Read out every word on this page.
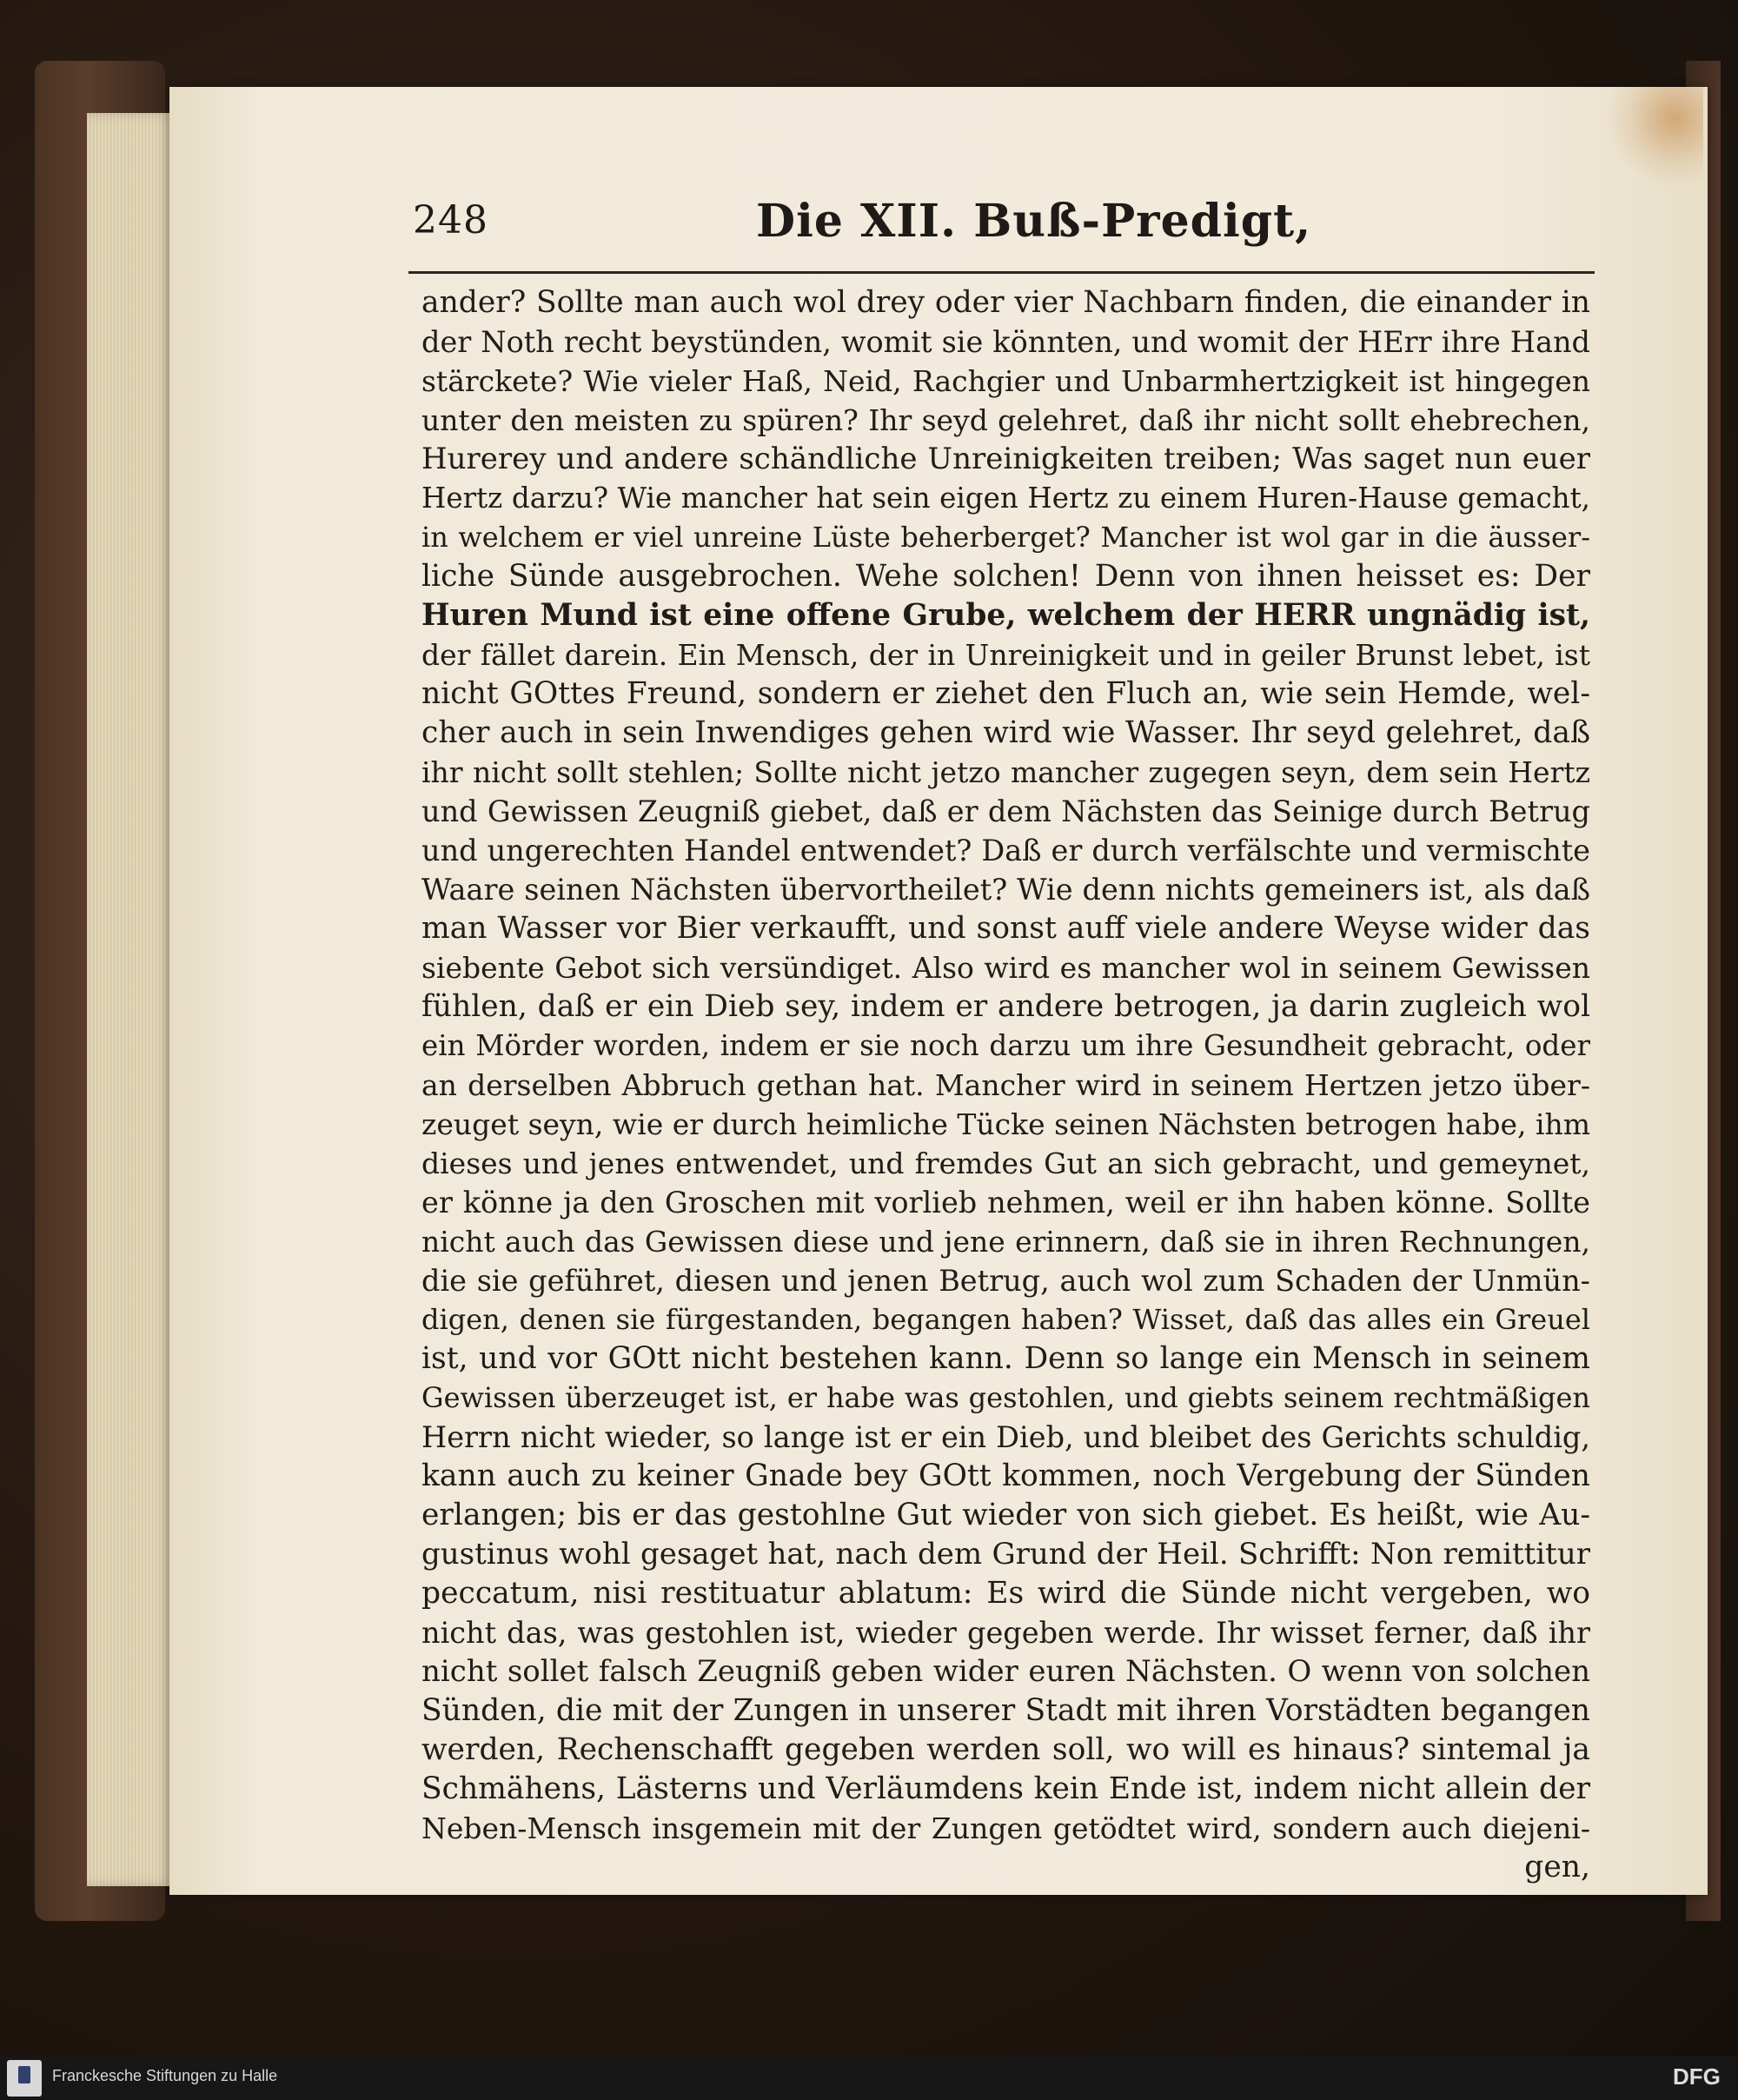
248	Die XII. Buß-Predigt,
ander? Sollte man auch wol drey oder vier Nachbarn finden, die einander in
der Noth recht beystünden, womit sie könnten, und womit der HErr ihre Hand
stärckete? Wie vieler Haß, Neid, Rachgier und Unbarmhertzigkeit ist hingegen
unter den meisten zu spüren? Ihr seyd gelehret, daß ihr nicht sollt ehebrechen,
Hurerey und andere schändliche Unreinigkeiten treiben; Was saget nun euer
Hertz darzu? Wie mancher hat sein eigen Hertz zu einem Huren-Hause gemacht,
in welchem er viel unreine Lüste beherberget? Mancher ist wol gar in die äusser-
liche Sünde ausgebrochen. Wehe solchen! Denn von ihnen heisset es: Der
Huren Mund ist eine offene Grube, welchem der HERR ungnädig ist,
der fället darein. Ein Mensch, der in Unreinigkeit und in geiler Brunst lebet, ist
nicht GOttes Freund, sondern er ziehet den Fluch an, wie sein Hemde, wel-
cher auch in sein Inwendiges gehen wird wie Wasser. Ihr seyd gelehret, daß
ihr nicht sollt stehlen; Sollte nicht jetzo mancher zugegen seyn, dem sein Hertz
und Gewissen Zeugniß giebet, daß er dem Nächsten das Seinige durch Betrug
und ungerechten Handel entwendet? Daß er durch verfälschte und vermischte
Waare seinen Nächsten übervortheilet? Wie denn nichts gemeiners ist, als daß
man Wasser vor Bier verkaufft, und sonst auff viele andere Weyse wider das
siebente Gebot sich versündiget. Also wird es mancher wol in seinem Gewissen
fühlen, daß er ein Dieb sey, indem er andere betrogen, ja darin zugleich wol
ein Mörder worden, indem er sie noch darzu um ihre Gesundheit gebracht, oder
an derselben Abbruch gethan hat. Mancher wird in seinem Hertzen jetzo über-
zeuget seyn, wie er durch heimliche Tücke seinen Nächsten betrogen habe, ihm
dieses und jenes entwendet, und fremdes Gut an sich gebracht, und gemeynet,
er könne ja den Groschen mit vorlieb nehmen, weil er ihn haben könne. Sollte
nicht auch das Gewissen diese und jene erinnern, daß sie in ihren Rechnungen,
die sie geführet, diesen und jenen Betrug, auch wol zum Schaden der Unmün-
digen, denen sie fürgestanden, begangen haben? Wisset, daß das alles ein Greuel
ist, und vor GOtt nicht bestehen kann. Denn so lange ein Mensch in seinem
Gewissen überzeuget ist, er habe was gestohlen, und giebts seinem rechtmäßigen
Herrn nicht wieder, so lange ist er ein Dieb, und bleibet des Gerichts schuldig,
kann auch zu keiner Gnade bey GOtt kommen, noch Vergebung der Sünden
erlangen; bis er das gestohlne Gut wieder von sich giebet. Es heißt, wie Au-
gustinus wohl gesaget hat, nach dem Grund der Heil. Schrifft: Non remittitur
peccatum, nisi restituatur ablatum: Es wird die Sünde nicht vergeben, wo
nicht das, was gestohlen ist, wieder gegeben werde. Ihr wisset ferner, daß ihr
nicht sollet falsch Zeugniß geben wider euren Nächsten. O wenn von solchen
Sünden, die mit der Zungen in unserer Stadt mit ihren Vorstädten begangen
werden, Rechenschafft gegeben werden soll, wo will es hinaus? sintemal ja
Schmähens, Lästerns und Verläumdens kein Ende ist, indem nicht allein der
Neben-Mensch insgemein mit der Zungen getödtet wird, sondern auch diejeni-
gen,
Franckesche Stiftungen zu Halle	DFG
